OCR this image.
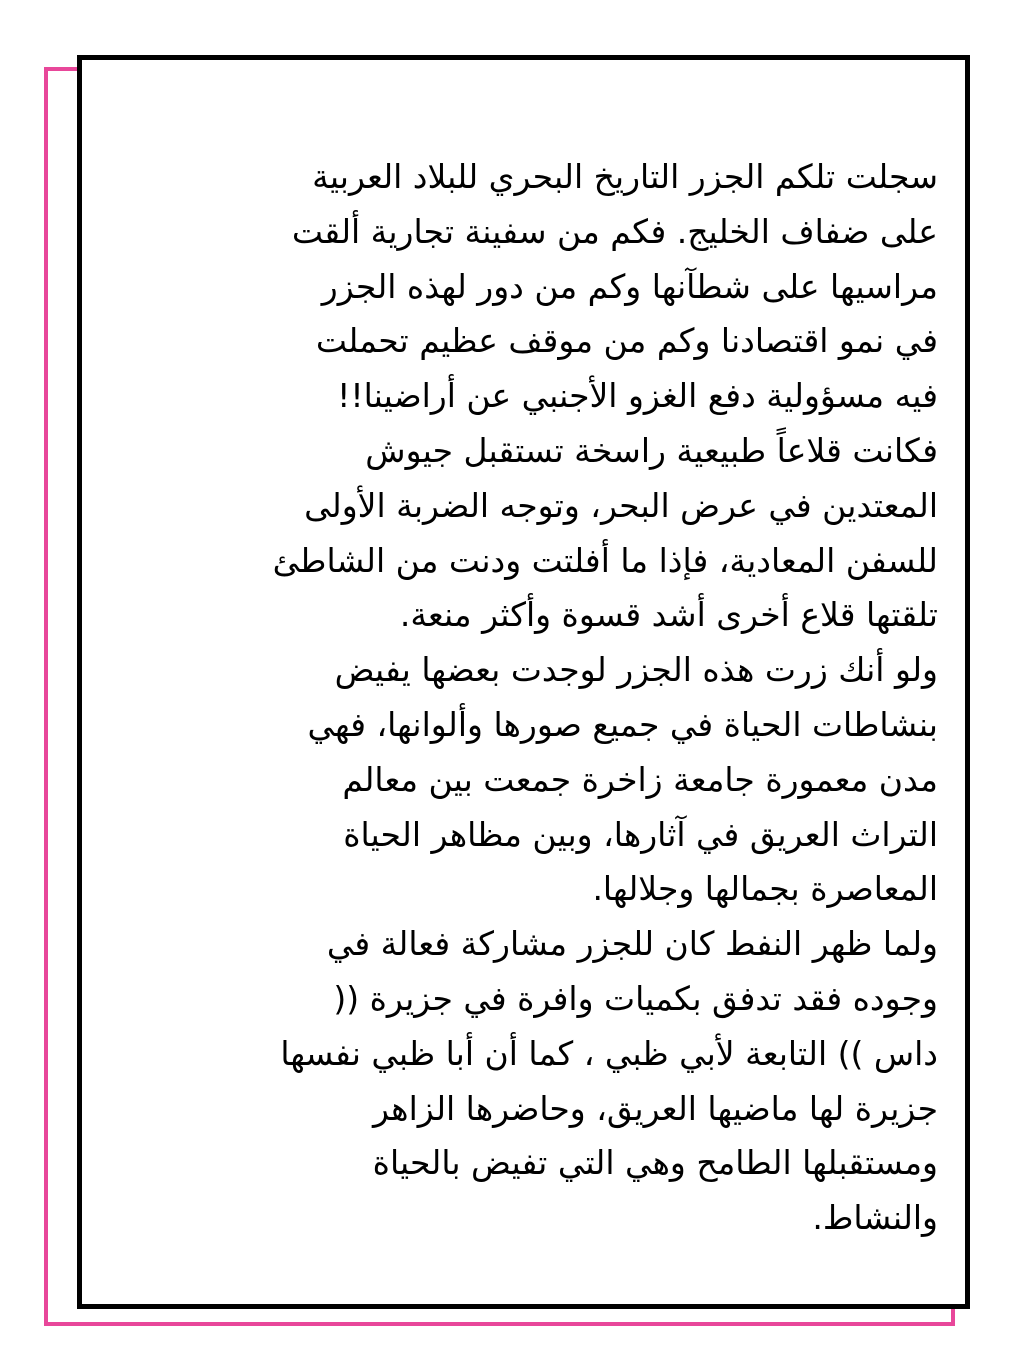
سجلت تلكم الجزر التاريخ البحري للبلاد العربية
على ضفاف الخليج. فكم من سفينة تجارية ألقت
مراسيها على شطآنها وكم من دور لهذه الجزر
في نمو اقتصادنا وكم من موقف عظيم تحملت
فيه مسؤولية دفع الغزو الأجنبي عن أراضينا!!
فكانت قلاعاً طبيعية راسخة تستقبل جيوش
المعتدين في عرض البحر، وتوجه الضربة الأولى
للسفن المعادية، فإذا ما أفلتت ودنت من الشاطئ
تلقتها قلاع أخرى أشد قسوة وأكثر منعة.
ولو أنك زرت هذه الجزر لوجدت بعضها يفيض
بنشاطات الحياة في جميع صورها وألوانها، فهي
مدن معمورة جامعة زاخرة جمعت بين معالم
التراث العريق في آثارها، وبين مظاهر الحياة
المعاصرة بجمالها وجلالها.
ولما ظهر النفط كان للجزر مشاركة فعالة في
وجوده فقد تدفق بكميات وافرة في جزيرة ((
داس )) التابعة لأبي ظبي ، كما أن أبا ظبي نفسها
جزيرة لها ماضيها العريق، وحاضرها الزاهر
ومستقبلها الطامح وهي التي تفيض بالحياة
والنشاط.
